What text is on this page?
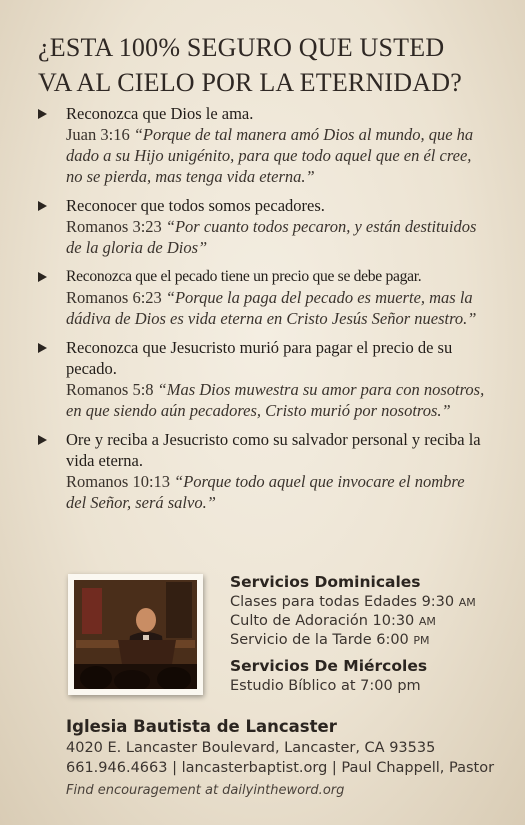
¿ESTA 100% SEGURO QUE USTED
VA AL CIELO POR LA ETERNIDAD?
Reconozca que Dios le ama.
Juan 3:16 “Porque de tal manera amó Dios al mundo, que ha dado a su Hijo unigénito, para que todo aquel que en él cree, no se pierda, mas tenga vida eterna.”
Reconocer que todos somos pecadores.
Romanos 3:23 “Por cuanto todos pecaron, y están destituidos de la gloria de Dios”
Reconozca que el pecado tiene un precio que se debe pagar.
Romanos 6:23 “Porque la paga del pecado es muerte, mas la dádiva de Dios es vida eterna en Cristo Jesús Señor nuestro.”
Reconozca que Jesucristo murió para pagar el precio de su pecado.
Romanos 5:8 “Mas Dios muwestra su amor para con nosotros, en que siendo aún pecadores, Cristo murió por nosotros.”
Ore y reciba a Jesucristo como su salvador personal y reciba la vida eterna.
Romanos 10:13 “Porque todo aquel que invocare el nombre del Señor, será salvo.”
Servicios Dominicales
Clases para todas Edades 9:30 AM
Culto de Adoración 10:30 AM
Servicio de la Tarde 6:00 PM
Servicios De Miércoles
Estudio Bíblico at 7:00 pm
Iglesia Bautista de Lancaster
4020 E. Lancaster Boulevard, Lancaster, CA 93535
661.946.4663 | lancasterbaptist.org | Paul Chappell, Pastor
Find encouragement at dailyintheword.org
